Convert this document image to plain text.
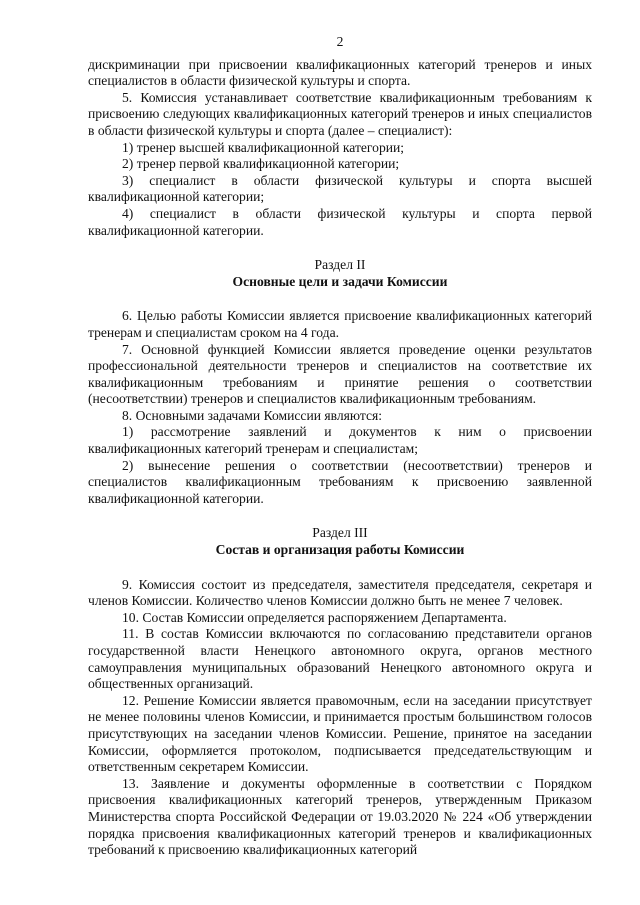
2

дискриминации при присвоении квалификационных категорий тренеров и иных специалистов в области физической культуры и спорта.

5. Комиссия устанавливает соответствие квалификационным требованиям к присвоению следующих квалификационных категорий тренеров и иных специалистов в области физической культуры и спорта (далее – специалист):

1) тренер высшей квалификационной категории;

2) тренер первой квалификационной категории;

3) специалист в области физической культуры и спорта высшей квалификационной категории;

4) специалист в области физической культуры и спорта первой квалификационной категории.

Раздел II
Основные цели и задачи Комиссии

6. Целью работы Комиссии является присвоение квалификационных категорий тренерам и специалистам сроком на 4 года.

7. Основной функцией Комиссии является проведение оценки результатов профессиональной деятельности тренеров и специалистов на соответствие их квалификационным требованиям и принятие решения о соответствии (несоответствии) тренеров и специалистов квалификационным требованиям.

8. Основными задачами Комиссии являются:

1) рассмотрение заявлений и документов к ним о присвоении квалификационных категорий тренерам и специалистам;

2) вынесение решения о соответствии (несоответствии) тренеров и специалистов квалификационным требованиям к присвоению заявленной квалификационной категории.

Раздел III
Состав и организация работы Комиссии

9. Комиссия состоит из председателя, заместителя председателя, секретаря и членов Комиссии. Количество членов Комиссии должно быть не менее 7 человек.

10. Состав Комиссии определяется распоряжением Департамента.

11. В состав Комиссии включаются по согласованию представители органов государственной власти Ненецкого автономного округа, органов местного самоуправления муниципальных образований Ненецкого автономного округа и общественных организаций.

12. Решение Комиссии является правомочным, если на заседании присутствует не менее половины членов Комиссии, и принимается простым большинством голосов присутствующих на заседании членов Комиссии. Решение, принятое на заседании Комиссии, оформляется протоколом, подписывается председательствующим и ответственным секретарем Комиссии.

13. Заявление и документы оформленные в соответствии с Порядком присвоения квалификационных категорий тренеров, утвержденным Приказом Министерства спорта Российской Федерации от 19.03.2020 № 224 «Об утверждении порядка присвоения квалификационных категорий тренеров и квалификационных требований к присвоению квалификационных категорий
